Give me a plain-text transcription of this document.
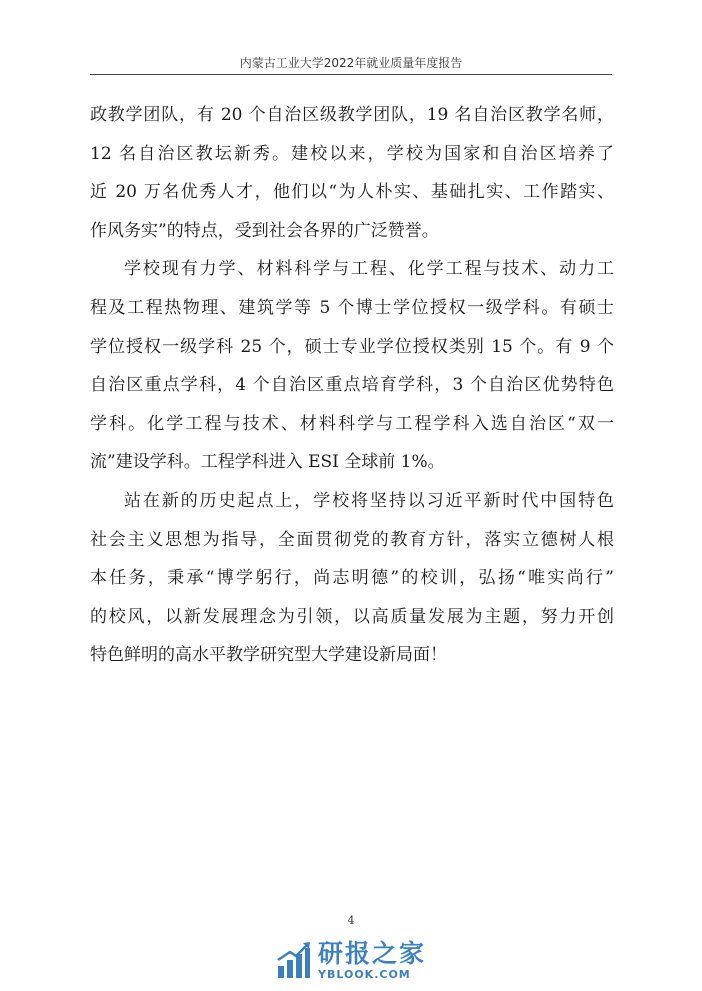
内蒙古工业大学2022年就业质量年度报告

政教学团队，有 20 个自治区级教学团队，19 名自治区教学名师，
12 名自治区教坛新秀。建校以来，学校为国家和自治区培养了
近 20 万名优秀人才，他们以“为人朴实、基础扎实、工作踏实、
作风务实”的特点，受到社会各界的广泛赞誉。

学校现有力学、材料科学与工程、化学工程与技术、动力工
程及工程热物理、建筑学等 5 个博士学位授权一级学科。有硕士
学位授权一级学科 25 个，硕士专业学位授权类别 15 个。有 9 个
自治区重点学科，4 个自治区重点培育学科，3 个自治区优势特色
学科。化学工程与技术、材料科学与工程学科入选自治区“双一
流”建设学科。工程学科进入 ESI 全球前 1%。

站在新的历史起点上，学校将坚持以习近平新时代中国特色
社会主义思想为指导，全面贯彻党的教育方针，落实立德树人根
本任务，秉承“博学躬行，尚志明德”的校训，弘扬“唯实尚行”
的校风，以新发展理念为引领，以高质量发展为主题，努力开创
特色鲜明的高水平教学研究型大学建设新局面！

4
研报之家
YBLOOK.COM
